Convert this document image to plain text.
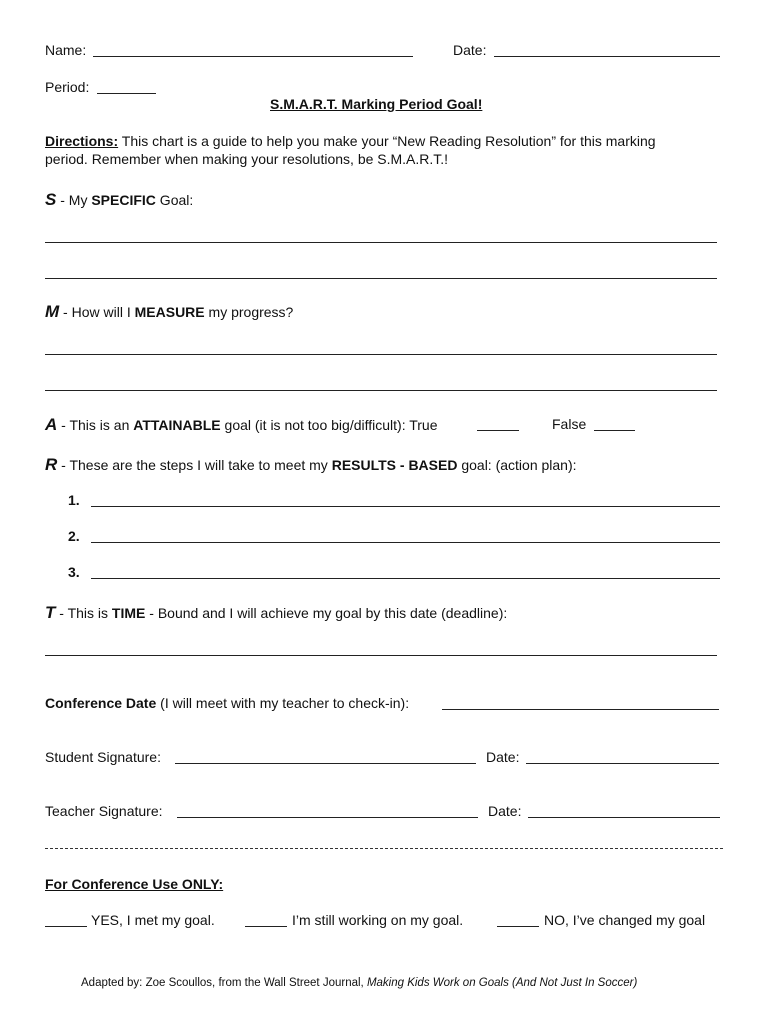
Name:	Date:
Period:
S.M.A.R.T. Marking Period Goal!
Directions: This chart is a guide to help you make your “New Reading Resolution” for this marking
period. Remember when making your resolutions, be S.M.A.R.T.!
S - My SPECIFIC Goal:
M - How will I MEASURE my progress?
A - This is an ATTAINABLE goal (it is not too big/difficult): True	False
R - These are the steps I will take to meet my RESULTS - BASED goal: (action plan):
1.
2.
3.
T - This is TIME - Bound and I will achieve my goal by this date (deadline):
Conference Date (I will meet with my teacher to check-in):
Student Signature:	Date:
Teacher Signature:	Date:
For Conference Use ONLY:
YES, I met my goal.	I’m still working on my goal.	NO, I’ve changed my goal
Adapted by: Zoe Scoullos, from the Wall Street Journal, Making Kids Work on Goals (And Not Just In Soccer)
